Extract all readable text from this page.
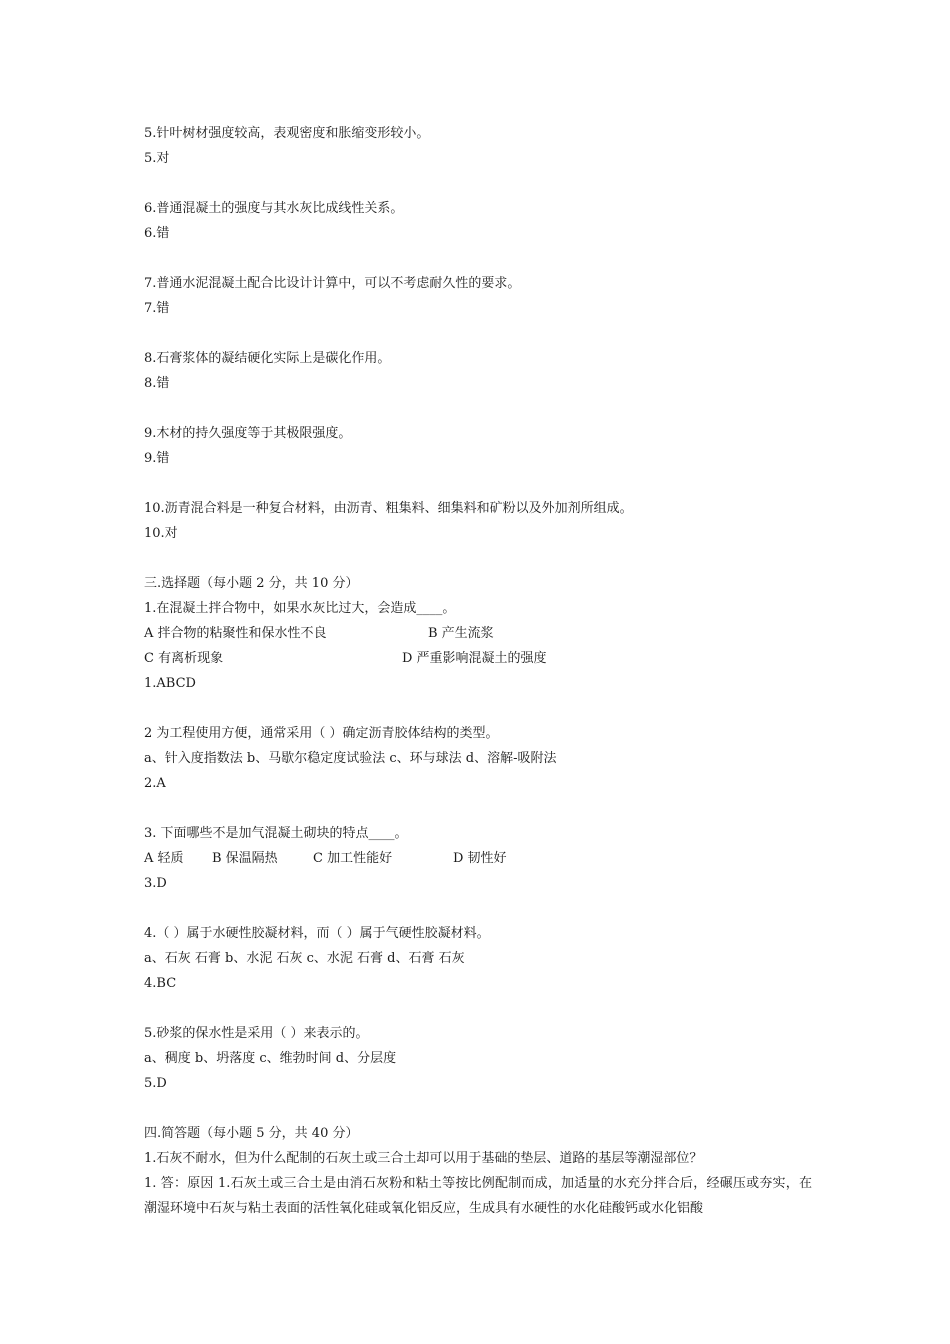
5.针叶树材强度较高，表观密度和胀缩变形较小。
5.对
6.普通混凝土的强度与其水灰比成线性关系。
6.错
7.普通水泥混凝土配合比设计计算中，可以不考虑耐久性的要求。
7.错
8.石膏浆体的凝结硬化实际上是碳化作用。
8.错
9.木材的持久强度等于其极限强度。
9.错
10.沥青混合料是一种复合材料，由沥青、粗集料、细集料和矿粉以及外加剂所组成。
10.对
三.选择题（每小题 2 分，共 10 分）
1.在混凝土拌合物中，如果水灰比过大，会造成____。
A 拌合物的粘聚性和保水性不良	B 产生流浆
C 有离析现象	D 严重影响混凝土的强度
1.ABCD
2 为工程使用方便，通常采用（ ）确定沥青胶体结构的类型。
a、针入度指数法 b、马歇尔稳定度试验法 c、环与球法 d、溶解-吸附法
2.A
3. 下面哪些不是加气混凝土砌块的特点____。
A 轻质 B 保温隔热	C 加工性能好	D 韧性好
3.D
4.（ ）属于水硬性胶凝材料，而（ ）属于气硬性胶凝材料。
a、石灰 石膏 b、水泥 石灰 c、水泥 石膏 d、石膏 石灰
4.BC
5.砂浆的保水性是采用（ ）来表示的。
a、稠度 b、坍落度 c、维勃时间 d、分层度
5.D
四.简答题（每小题 5 分，共 40 分）
1.石灰不耐水，但为什么配制的石灰土或三合土却可以用于基础的垫层、道路的基层等潮湿部位？
1. 答：原因 1.石灰土或三合土是由消石灰粉和粘土等按比例配制而成，加适量的水充分拌合后，经碾压或夯实，在潮湿环境中石灰与粘土表面的活性氧化硅或氧化铝反应，生成具有水硬性的水化硅酸钙或水化铝酸
